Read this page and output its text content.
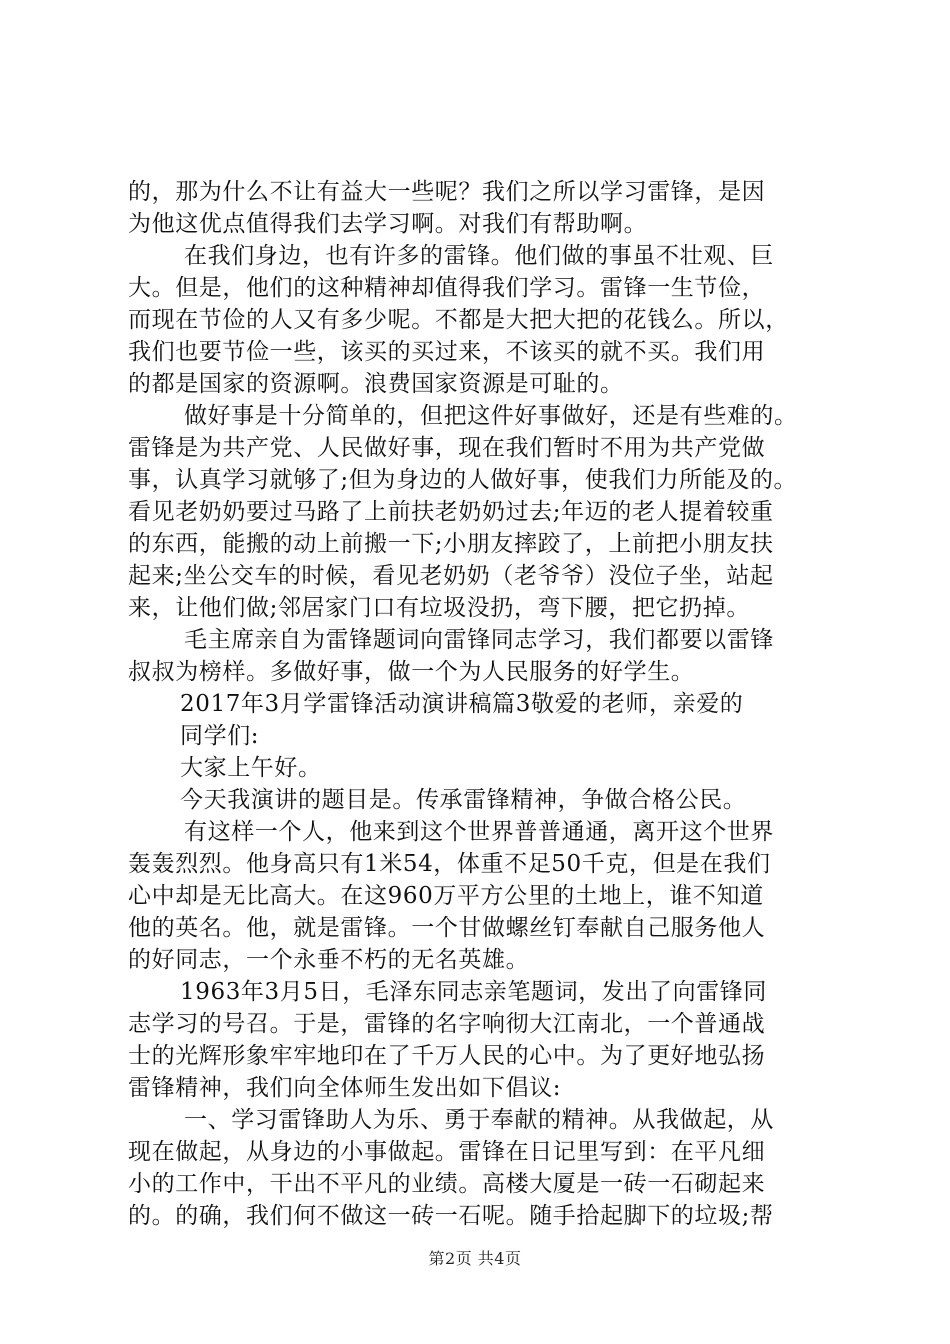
的，那为什么不让有益大一些呢？我们之所以学习雷锋，是因
为他这优点值得我们去学习啊。对我们有帮助啊。
在我们身边，也有许多的雷锋。他们做的事虽不壮观、巨
大。但是，他们的这种精神却值得我们学习。雷锋一生节俭，
而现在节俭的人又有多少呢。不都是大把大把的花钱么。所以，
我们也要节俭一些，该买的买过来，不该买的就不买。我们用
的都是国家的资源啊。浪费国家资源是可耻的。
做好事是十分简单的，但把这件好事做好，还是有些难的。
雷锋是为共产党、人民做好事，现在我们暂时不用为共产党做
事，认真学习就够了;但为身边的人做好事，使我们力所能及的。
看见老奶奶要过马路了上前扶老奶奶过去;年迈的老人提着较重
的东西，能搬的动上前搬一下;小朋友摔跤了，上前把小朋友扶
起来;坐公交车的时候，看见老奶奶（老爷爷）没位子坐，站起
来，让他们做;邻居家门口有垃圾没扔，弯下腰，把它扔掉。
毛主席亲自为雷锋题词向雷锋同志学习，我们都要以雷锋
叔叔为榜样。多做好事，做一个为人民服务的好学生。
2017年3月学雷锋活动演讲稿篇3敬爱的老师，亲爱的
同学们:
大家上午好。
今天我演讲的题目是。传承雷锋精神，争做合格公民。
有这样一个人，他来到这个世界普普通通，离开这个世界
轰轰烈烈。他身高只有1米54，体重不足50千克，但是在我们
心中却是无比高大。在这960万平方公里的土地上，谁不知道
他的英名。他，就是雷锋。一个甘做螺丝钉奉献自己服务他人
的好同志，一个永垂不朽的无名英雄。
1963年3月5日，毛泽东同志亲笔题词，发出了向雷锋同
志学习的号召。于是，雷锋的名字响彻大江南北，一个普通战
士的光辉形象牢牢地印在了千万人民的心中。为了更好地弘扬
雷锋精神，我们向全体师生发出如下倡议:
一、学习雷锋助人为乐、勇于奉献的精神。从我做起，从
现在做起，从身边的小事做起。雷锋在日记里写到：在平凡细
小的工作中，干出不平凡的业绩。高楼大厦是一砖一石砌起来
的。的确，我们何不做这一砖一石呢。随手拾起脚下的垃圾;帮
第2页 共4页
